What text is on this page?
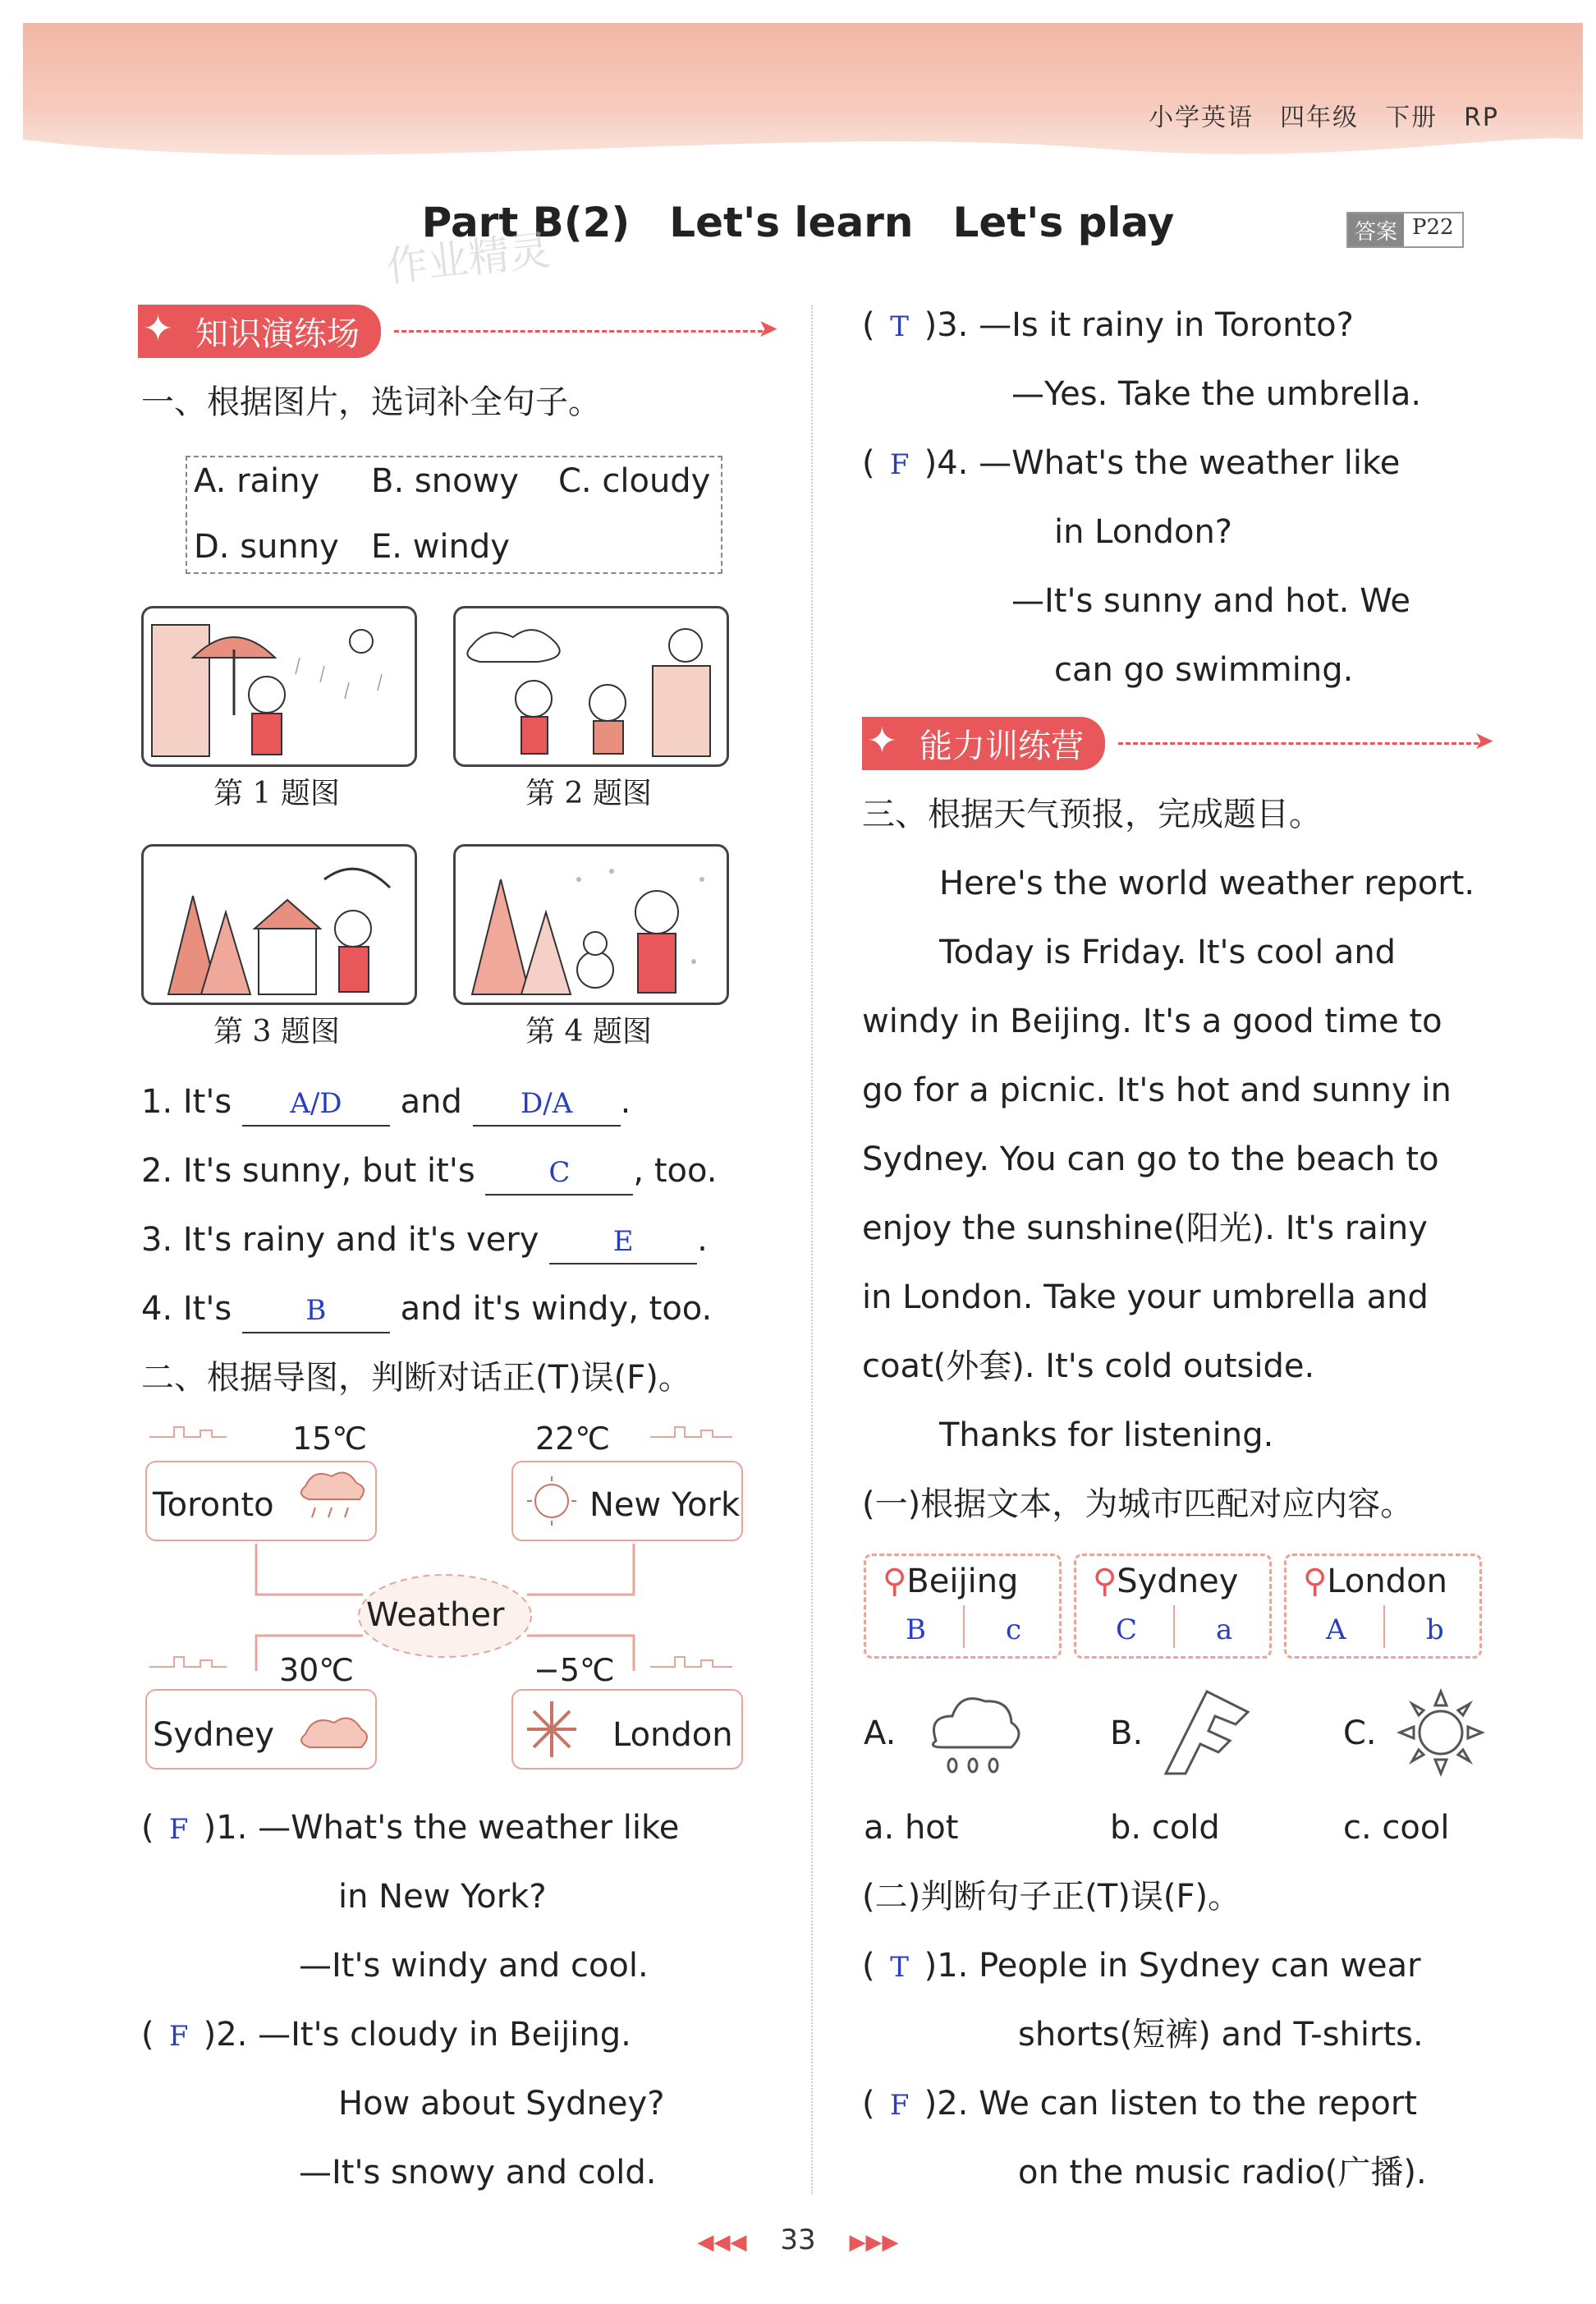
小学英语 四年级 下册 RP
Part B(2) Let's learn Let's play	答案 P22
作业精灵
✦ 知识演练场
➤
一、根据图片，选词补全句子。
A. rainy B. snowy C. cloudy
D. sunny E. windy
第 1 题图	第 2 题图
第 3 题图	第 4 题图
1. It's A/D and D/A .
2. It's sunny, but it's	C , too.
3. It's rainy and it's very	E .
4. It's	B and it's windy, too.
二、根据导图，判断对话正(T)误(F)。
15℃
Toronto
22℃
New York
Weather
30℃
Sydney
−5℃
London
( F )1. —What's the weather like
in New York?
—It's windy and cool.
( F )2. —It's cloudy in Beijing.
How about Sydney?
—It's snowy and cold.
( T )3. —Is it rainy in Toronto?
—Yes. Take the umbrella.
( F )4. —What's the weather like
in London?
—It's sunny and hot. We
can go swimming.
✦ 能力训练营
➤
三、根据天气预报，完成题目。
Here's the world weather report.
Today is Friday. It's cool and
windy in Beijing. It's a good time to
go for a picnic. It's hot and sunny in
Sydney. You can go to the beach to
enjoy the sunshine(阳光). It's rainy
in London. Take your umbrella and
coat(外套). It's cold outside.
Thanks for listening.
(一)根据文本，为城市匹配对应内容。
⚲Beijing
B	c
⚲Sydney
C	a
⚲London
A	b
A.	B.	C.
a. hot	b. cold	c. cool
(二)判断句子正(T)误(F)。
( T )1. People in Sydney can wear
shorts(短裤) and T-shirts.
( F )2. We can listen to the report
on the music radio(广播).
◀◀◀ 33 ▶▶▶
